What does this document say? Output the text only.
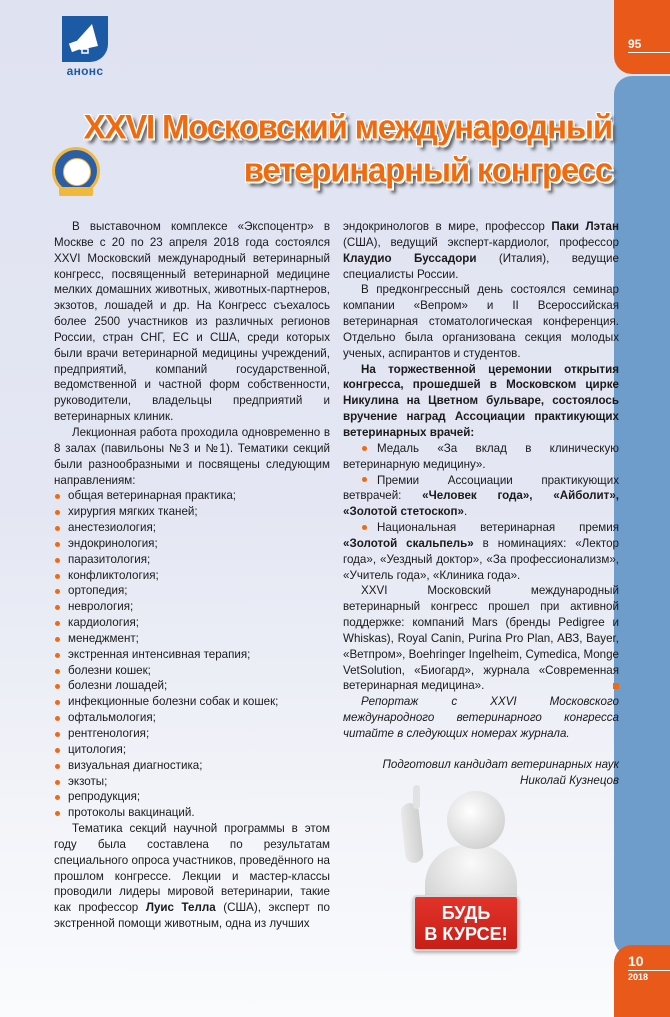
анонс
95
10
2018
XXVI Московский международный
ветеринарный конгресс

В выставочном комплексе «Экспоцентр» в Москве с 20 по 23 апреля 2018 года состоялся XXVI Московский международный ветеринарный конгресс, посвященный ветеринарной медицине мелких домашних животных, животных-партнеров, экзотов, лошадей и др. На Конгресс съехалось более 2500 участников из различных регионов России, стран СНГ, ЕС и США, среди которых были врачи ветеринарной медицины учреждений, предприятий, компаний государственной, ведомственной и частной форм собственности, руководители, владельцы предприятий и ветеринарных клиник.

Лекционная работа проходила одновременно в 8 залах (павильоны №3 и №1). Тематики секций были разнообразными и посвящены следующим направлениям:

общая ветеринарная практика;
хирургия мягких тканей;
анестезиология;
эндокринология;
паразитология;
конфликтология;
ортопедия;
неврология;
кардиология;
менеджмент;
экстренная интенсивная терапия;
болезни кошек;
болезни лошадей;
инфекционные болезни собак и кошек;
офтальмология;
рентгенология;
цитология;
визуальная диагностика;
экзоты;
репродукция;
протоколы вакцинаций.

Тематика секций научной программы в этом году была составлена по результатам специального опроса участников, проведённого на прошлом конгрессе. Лекции и мастер-классы проводили лидеры мировой ветеринарии, такие как профессор Луис Телла (США), эксперт по экстренной помощи животным, одна из лучших

эндокринологов в мире, профессор Паки Лэтан (США), ведущий эксперт-кардиолог, профессор Клаудио Буссадори (Италия), ведущие специалисты России.

В предконгрессный день состоялся семинар компании «Вепром» и II Всероссийская ветеринарная стоматологическая конференция. Отдельно была организована секция молодых ученых, аспирантов и студентов.

На торжественной церемонии открытия конгресса, прошедшей в Московском цирке Никулина на Цветном бульваре, состоялось вручение наград Ассоциации практикующих ветеринарных врачей:

Медаль «За вклад в клиническую ветеринарную медицину».

Премии Ассоциации практикующих ветврачей: «Человек года», «Айболит», «Золотой стетоскоп».

Национальная ветеринарная премия «Золотой скальпель» в номинациях: «Лектор года», «Уездный доктор», «За профессионализм», «Учитель года», «Клиника года».

XXVI Московский международный ветеринарный конгресс прошел при активной поддержке: компаний Mars (бренды Pedigree и Whiskas), Royal Canin, Purina Pro Plan, АВЗ, Bayer, «Ветпром», Boehringer Ingelheim, Cymedica, Monge VetSolution, «Биогард», журнала «Современная ветеринарная медицина».

Репортаж с XXVI Московского международного ветеринарного конгресса читайте в следующих номерах журнала.

Подготовил кандидат ветеринарных наук
Николай Кузнецов

БУДЬ
В КУРСЕ!
